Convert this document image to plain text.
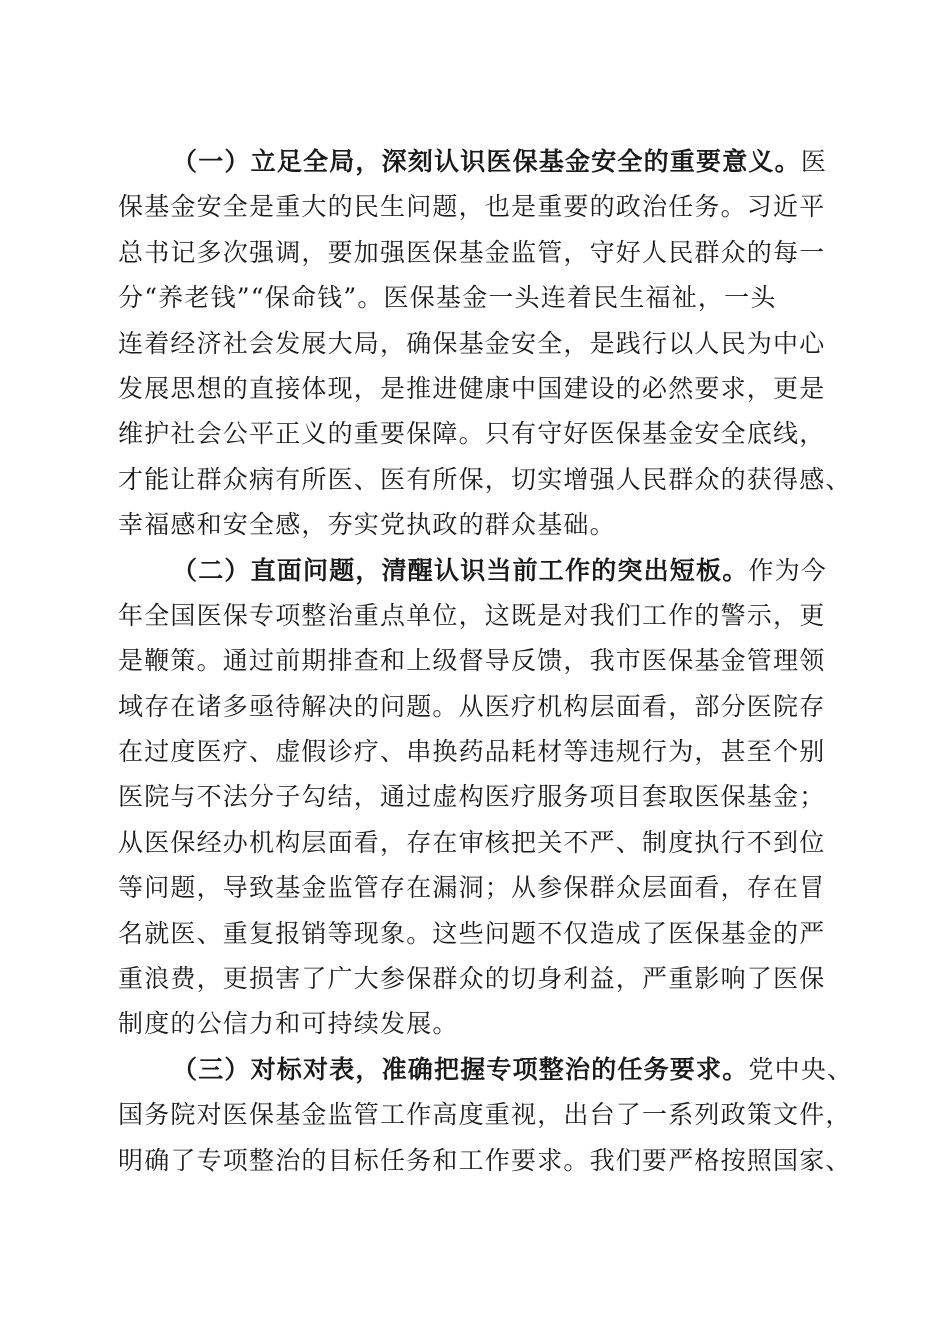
（一）立足全局，深刻认识医保基金安全的重要意义。医
保基金安全是重大的民生问题，也是重要的政治任务。习近平
总书记多次强调，要加强医保基金监管，守好人民群众的每一
分“养老钱”“保命钱”。医保基金一头连着民生福祉，一头
连着经济社会发展大局，确保基金安全，是践行以人民为中心
发展思想的直接体现，是推进健康中国建设的必然要求，更是
维护社会公平正义的重要保障。只有守好医保基金安全底线，
才能让群众病有所医、医有所保，切实增强人民群众的获得感、
幸福感和安全感，夯实党执政的群众基础。
（二）直面问题，清醒认识当前工作的突出短板。作为今
年全国医保专项整治重点单位，这既是对我们工作的警示，更
是鞭策。通过前期排查和上级督导反馈，我市医保基金管理领
域存在诸多亟待解决的问题。从医疗机构层面看，部分医院存
在过度医疗、虚假诊疗、串换药品耗材等违规行为，甚至个别
医院与不法分子勾结，通过虚构医疗服务项目套取医保基金；
从医保经办机构层面看，存在审核把关不严、制度执行不到位
等问题，导致基金监管存在漏洞；从参保群众层面看，存在冒
名就医、重复报销等现象。这些问题不仅造成了医保基金的严
重浪费，更损害了广大参保群众的切身利益，严重影响了医保
制度的公信力和可持续发展。
（三）对标对表，准确把握专项整治的任务要求。党中央、
国务院对医保基金监管工作高度重视，出台了一系列政策文件，
明确了专项整治的目标任务和工作要求。我们要严格按照国家、
